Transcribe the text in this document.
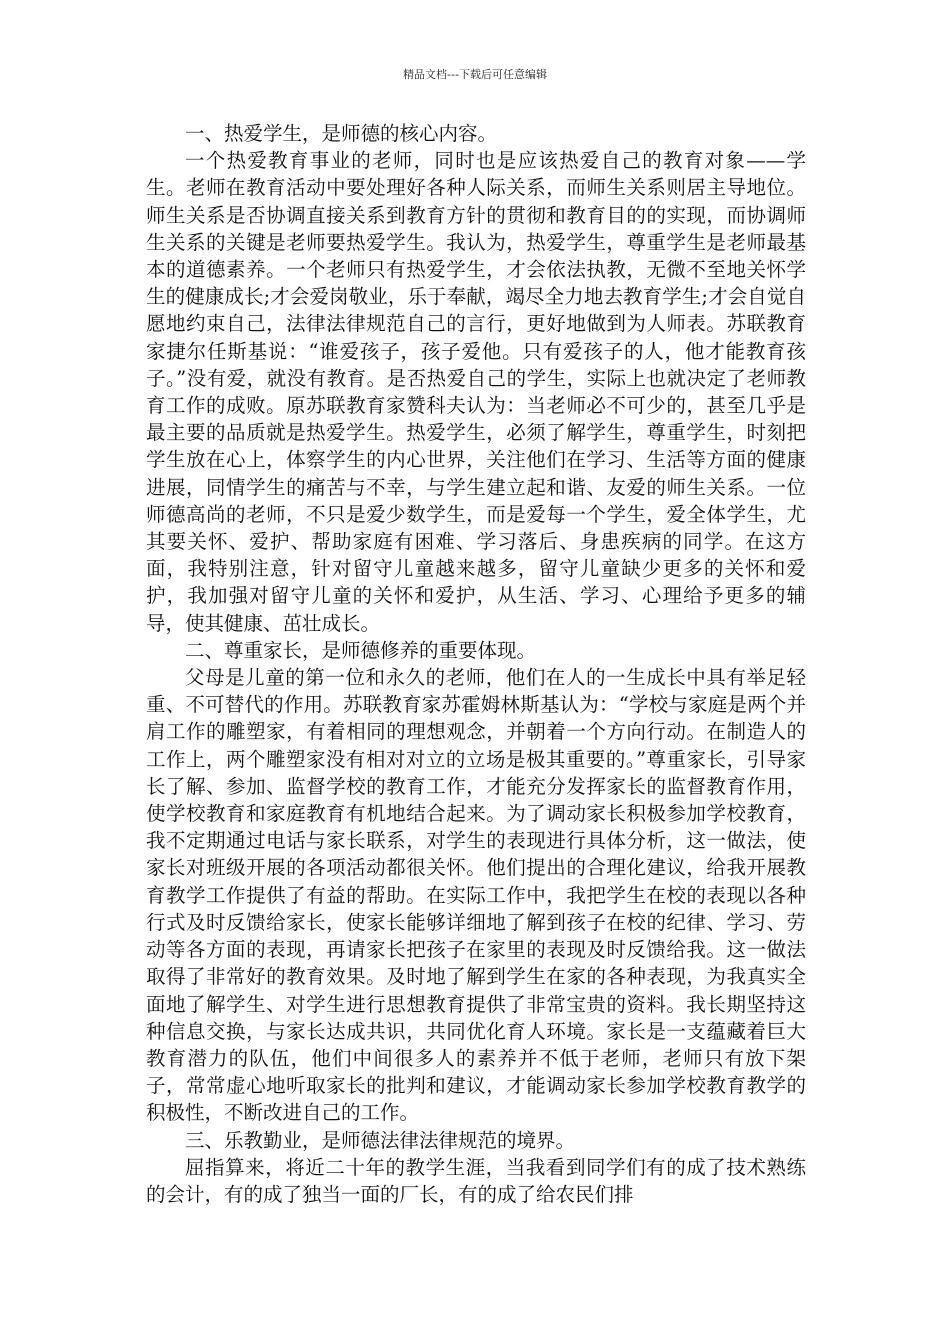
精品文档---下载后可任意编辑

一、热爱学生，是师德的核心内容。

一个热爱教育事业的老师，同时也是应该热爱自己的教育对象——学生。老师在教育活动中要处理好各种人际关系，而师生关系则居主导地位。师生关系是否协调直接关系到教育方针的贯彻和教育目的的实现，而协调师生关系的关键是老师要热爱学生。我认为，热爱学生，尊重学生是老师最基本的道德素养。一个老师只有热爱学生，才会依法执教，无微不至地关怀学生的健康成长;才会爱岗敬业，乐于奉献，竭尽全力地去教育学生;才会自觉自愿地约束自己，法律法律规范自己的言行，更好地做到为人师表。苏联教育家捷尔任斯基说：“谁爱孩子，孩子爱他。只有爱孩子的人，他才能教育孩子。”没有爱，就没有教育。是否热爱自己的学生，实际上也就决定了老师教育工作的成败。原苏联教育家赞科夫认为：当老师必不可少的，甚至几乎是最主要的品质就是热爱学生。热爱学生，必须了解学生，尊重学生，时刻把学生放在心上，体察学生的内心世界，关注他们在学习、生活等方面的健康进展，同情学生的痛苦与不幸，与学生建立起和谐、友爱的师生关系。一位师德高尚的老师，不只是爱少数学生，而是爱每一个学生，爱全体学生，尤其要关怀、爱护、帮助家庭有困难、学习落后、身患疾病的同学。在这方面，我特别注意，针对留守儿童越来越多，留守儿童缺少更多的关怀和爱护，我加强对留守儿童的关怀和爱护，从生活、学习、心理给予更多的辅导，使其健康、茁壮成长。

二、尊重家长，是师德修养的重要体现。

父母是儿童的第一位和永久的老师，他们在人的一生成长中具有举足轻重、不可替代的作用。苏联教育家苏霍姆林斯基认为：“学校与家庭是两个并肩工作的雕塑家，有着相同的理想观念，并朝着一个方向行动。在制造人的工作上，两个雕塑家没有相对对立的立场是极其重要的。”尊重家长，引导家长了解、参加、监督学校的教育工作，才能充分发挥家长的监督教育作用，使学校教育和家庭教育有机地结合起来。为了调动家长积极参加学校教育，我不定期通过电话与家长联系，对学生的表现进行具体分析，这一做法，使家长对班级开展的各项活动都很关怀。他们提出的合理化建议，给我开展教育教学工作提供了有益的帮助。在实际工作中，我把学生在校的表现以各种行式及时反馈给家长，使家长能够详细地了解到孩子在校的纪律、学习、劳动等各方面的表现，再请家长把孩子在家里的表现及时反馈给我。这一做法取得了非常好的教育效果。及时地了解到学生在家的各种表现，为我真实全面地了解学生、对学生进行思想教育提供了非常宝贵的资料。我长期坚持这种信息交换，与家长达成共识，共同优化育人环境。家长是一支蕴藏着巨大教育潜力的队伍，他们中间很多人的素养并不低于老师，老师只有放下架子，常常虚心地听取家长的批判和建议，才能调动家长参加学校教育教学的积极性，不断改进自己的工作。

三、乐教勤业，是师德法律法律规范的境界。

屈指算来，将近二十年的教学生涯，当我看到同学们有的成了技术熟练的会计，有的成了独当一面的厂长，有的成了给农民们排
